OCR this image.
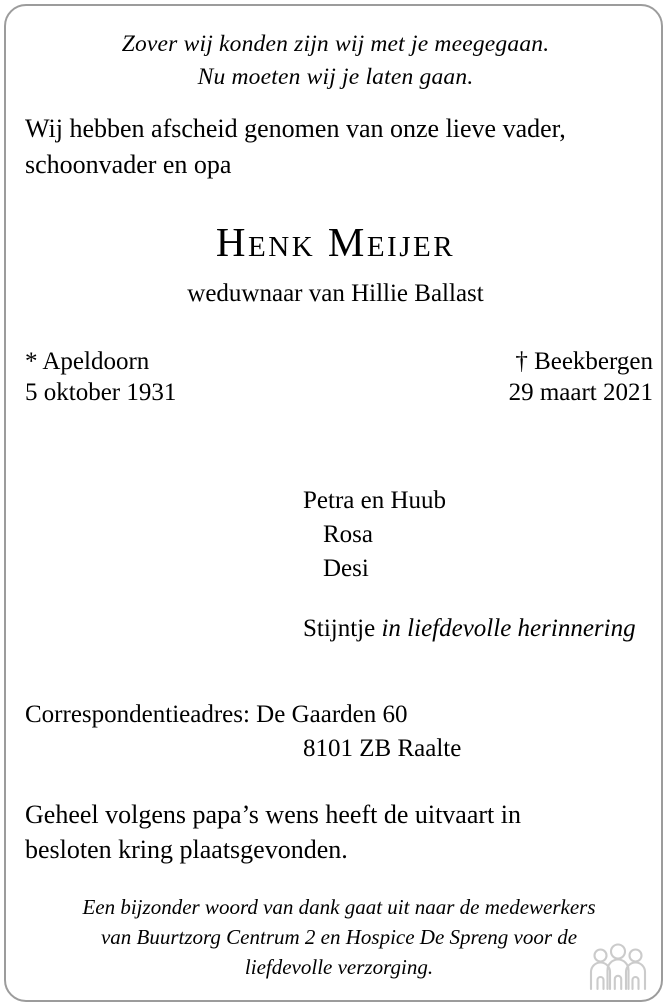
Zover wij konden zijn wij met je meegegaan.
Nu moeten wij je laten gaan.
Wij hebben afscheid genomen van onze lieve vader,
schoonvader en opa
Henk Meijer
weduwnaar van Hillie Ballast
* Apeldoorn
5 oktober 1931
† Beekbergen
29 maart 2021
Petra en Huub
Rosa
Desi
Stijntje in liefdevolle herinnering
Correspondentieadres: De Gaarden 60
8101 ZB Raalte
Geheel volgens papa’s wens heeft de uitvaart in
besloten kring plaatsgevonden.
Een bijzonder woord van dank gaat uit naar de medewerkers
van Buurtzorg Centrum 2 en Hospice De Spreng voor de
liefdevolle verzorging.
